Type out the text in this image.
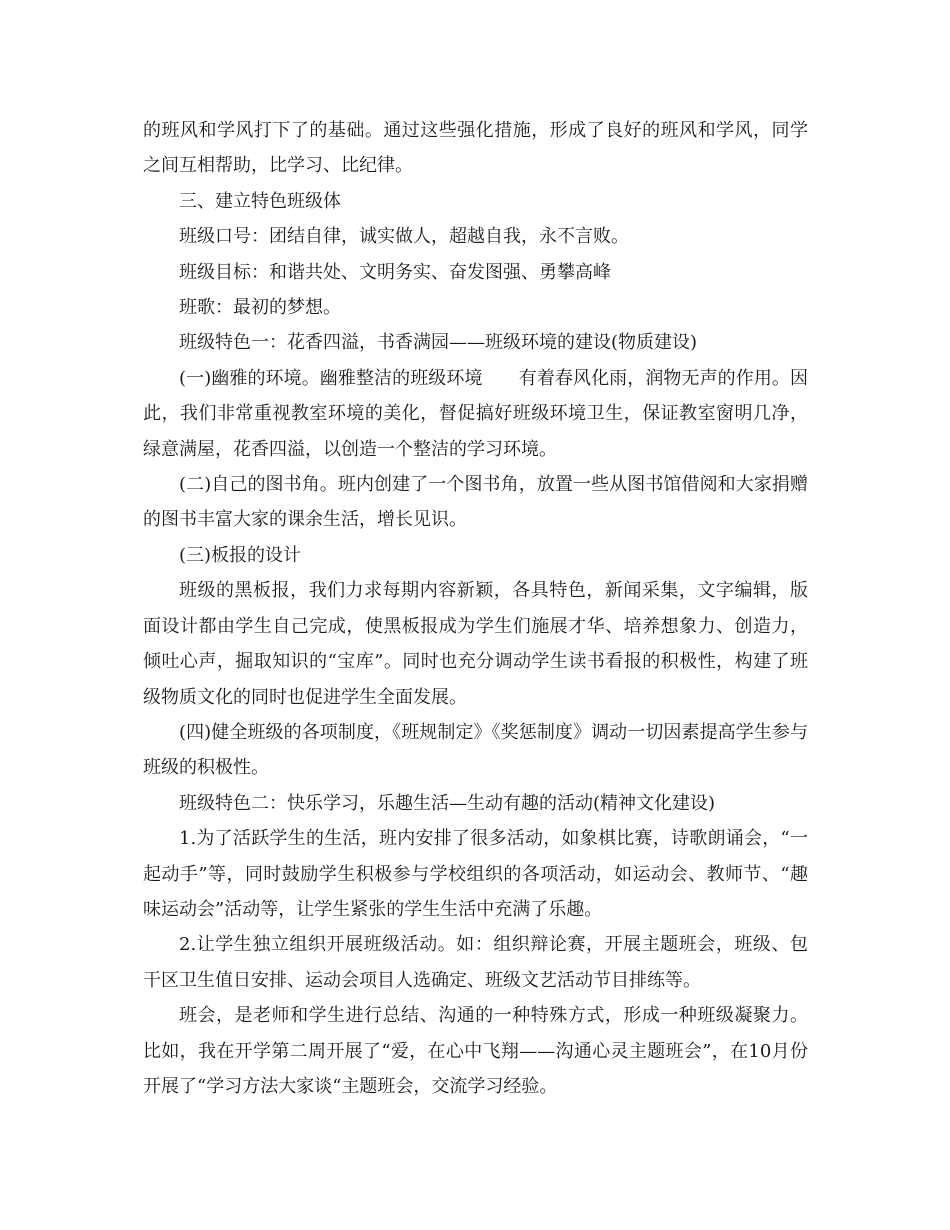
的班风和学风打下了的基础。通过这些强化措施，形成了良好的班风和学风，同学之间互相帮助，比学习、比纪律。

三、建立特色班级体

班级口号：团结自律，诚实做人，超越自我，永不言败。

班级目标：和谐共处、文明务实、奋发图强、勇攀高峰

班歌：最初的梦想。

班级特色一：花香四溢，书香满园——班级环境的建设(物质建设)

(一)幽雅的环境。幽雅整洁的班级环境　　有着春风化雨，润物无声的作用。因此，我们非常重视教室环境的美化，督促搞好班级环境卫生，保证教室窗明几净，绿意满屋，花香四溢，以创造一个整洁的学习环境。

(二)自己的图书角。班内创建了一个图书角，放置一些从图书馆借阅和大家捐赠的图书丰富大家的课余生活，增长见识。

(三)板报的设计

班级的黑板报，我们力求每期内容新颖，各具特色，新闻采集，文字编辑，版面设计都由学生自己完成，使黑板报成为学生们施展才华、培养想象力、创造力，倾吐心声，掘取知识的“宝库”。同时也充分调动学生读书看报的积极性，构建了班级物质文化的同时也促进学生全面发展。

(四)健全班级的各项制度，《班规制定》《奖惩制度》调动一切因素提高学生参与班级的积极性。

班级特色二：快乐学习，乐趣生活—生动有趣的活动(精神文化建设)

1.为了活跃学生的生活，班内安排了很多活动，如象棋比赛，诗歌朗诵会，“一起动手”等，同时鼓励学生积极参与学校组织的各项活动，如运动会、教师节、“趣味运动会”活动等，让学生紧张的学生生活中充满了乐趣。

2.让学生独立组织开展班级活动。如：组织辩论赛，开展主题班会，班级、包干区卫生值日安排、运动会项目人选确定、班级文艺活动节目排练等。

班会，是老师和学生进行总结、沟通的一种特殊方式，形成一种班级凝聚力。比如，我在开学第二周开展了“爱，在心中飞翔——沟通心灵主题班会”，在10月份开展了“学习方法大家谈“主题班会，交流学习经验。
